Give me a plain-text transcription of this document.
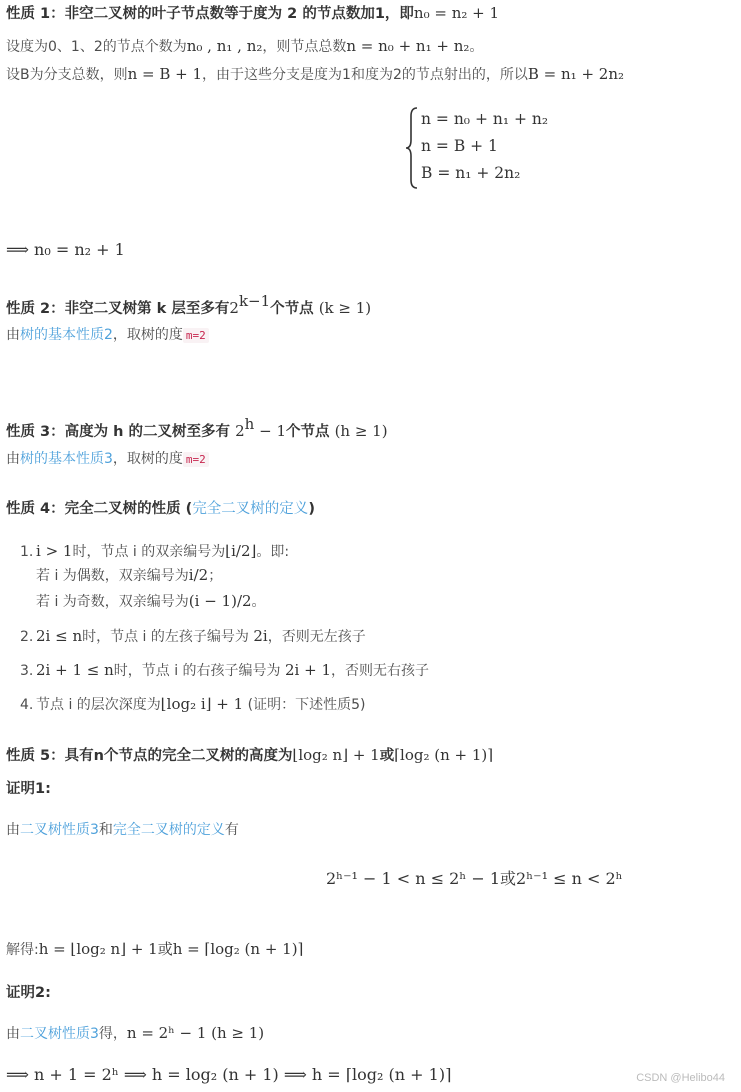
性质 1：非空二叉树的叶子节点数等于度为 2 的节点数加1，即n₀ = n₂ + 1
设度为0、1、2的节点个数为n₀ , n₁ , n₂，则节点总数n = n₀ + n₁ + n₂。
设B为分支总数，则n = B + 1，由于这些分支是度为1和度为2的节点射出的，所以B = n₁ + 2n₂
n = n₀ + n₁ + n₂
n = B + 1
B = n₁ + 2n₂
⟹ n₀ = n₂ + 1
性质 2：非空二叉树第 k 层至多有$2^{k-1}$个节点 (k ≥ 1)
由树的基本性质2，取树的度 m=2
性质 3：高度为 h 的二叉树至多有 $2^h - 1$个节点 (h ≥ 1)
由树的基本性质3，取树的度 m=2
性质 4：完全二叉树的性质 (完全二叉树的定义)
1. i > 1时，节点 i 的双亲编号为⌊i/2⌋。即:
若 i 为偶数，双亲编号为i/2；
若 i 为奇数，双亲编号为(i − 1)/2。
2. 2i ≤ n时，节点 i 的左孩子编号为 2i，否则无左孩子
3. 2i + 1 ≤ n时，节点 i 的右孩子编号为 2i + 1，否则无右孩子
4. 节点 i 的层次深度为⌊log₂ i⌋ + 1 (证明：下述性质5)
性质 5：具有n个节点的完全二叉树的高度为⌊log₂ n⌋ + 1或⌈log₂ (n + 1)⌉
证明1:
由二叉树性质3和完全二叉树的定义有
2ʰ⁻¹ − 1 < n ≤ 2ʰ − 1或2ʰ⁻¹ ≤ n < 2ʰ
解得:h = ⌊log₂ n⌋ + 1或h = ⌈log₂ (n + 1)⌉
证明2:
由二叉树性质3得，n = 2ʰ − 1 (h ≥ 1)
⟹ n + 1 = 2ʰ ⟹ h = log₂ (n + 1) ⟹ h = ⌈log₂ (n + 1)⌉	CSDN @Helibo44
